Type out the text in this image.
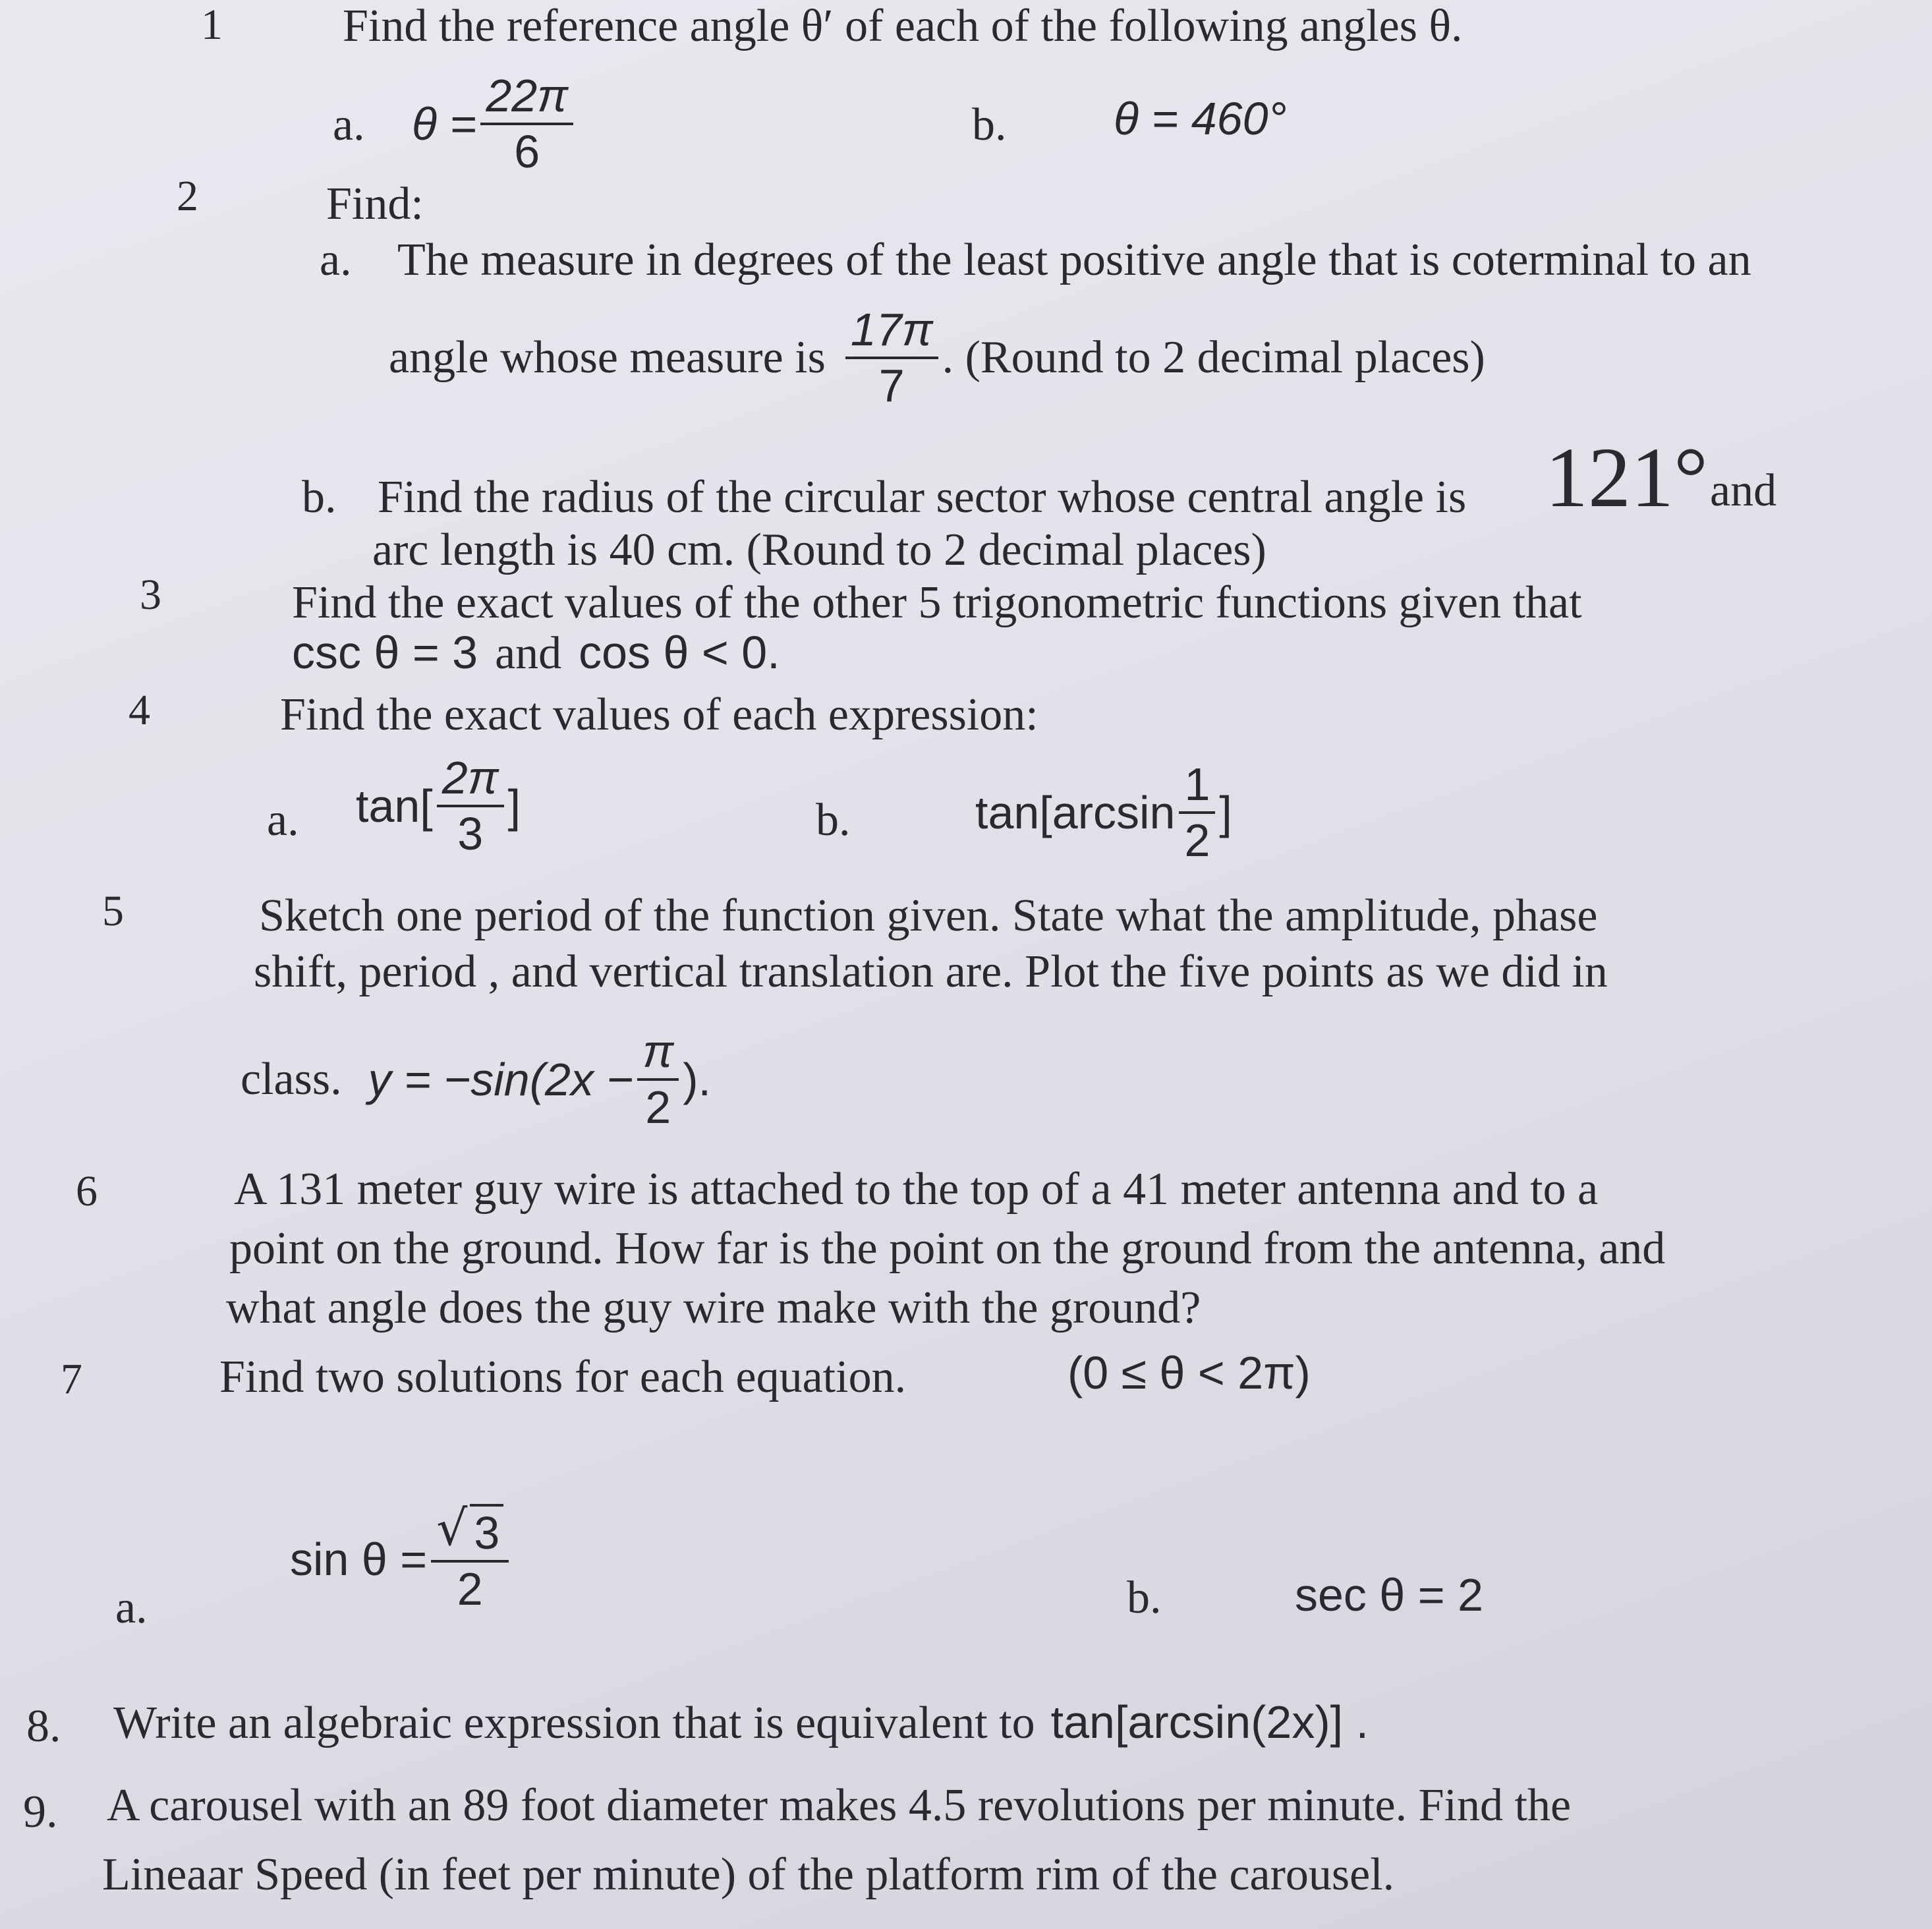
1	Find the reference angle θ′ of each of the following angles θ.
a. $\theta = \frac{22\pi}{6}$	b. θ = 460°
2	Find:
a. The measure in degrees of the least positive angle that is coterminal to an
angle whose measure is $\frac{17\pi}{7}$ . (Round to 2 decimal places)
b. Find the radius of the circular sector whose central angle is 121° and
arc length is 40 cm. (Round to 2 decimal places)
3	Find the exact values of the other 5 trigonometric functions given that
csc θ = 3 and cos θ < 0.
4	Find the exact values of each expression:
a. $\tan[ \frac{2\pi}{3}$ ]	b.	$\tan[\arcsin \frac{1}{2}$ ]
5	Sketch one period of the function given. State what the amplitude, phase
shift, period , and vertical translation are. Plot the five points as we did in
class. $y = -\sin(2x - \frac{\pi}{2}$ ).
6	A 131 meter guy wire is attached to the top of a 41 meter antenna and to a
point on the ground. How far is the point on the ground from the antenna, and
what angle does the guy wire make with the ground?
7	Find two solutions for each equation.	(0 ≤ θ < 2π)
a.
$\sin \theta = \frac{√ 3}{2}$	b.	sec θ = 2
8. Write an algebraic expression that is equivalent to tan[arcsin(2x)] .
9. A carousel with an 89 foot diameter makes 4.5 revolutions per minute. Find the
Lineaar Speed (in feet per minute) of the platform rim of the carousel.
